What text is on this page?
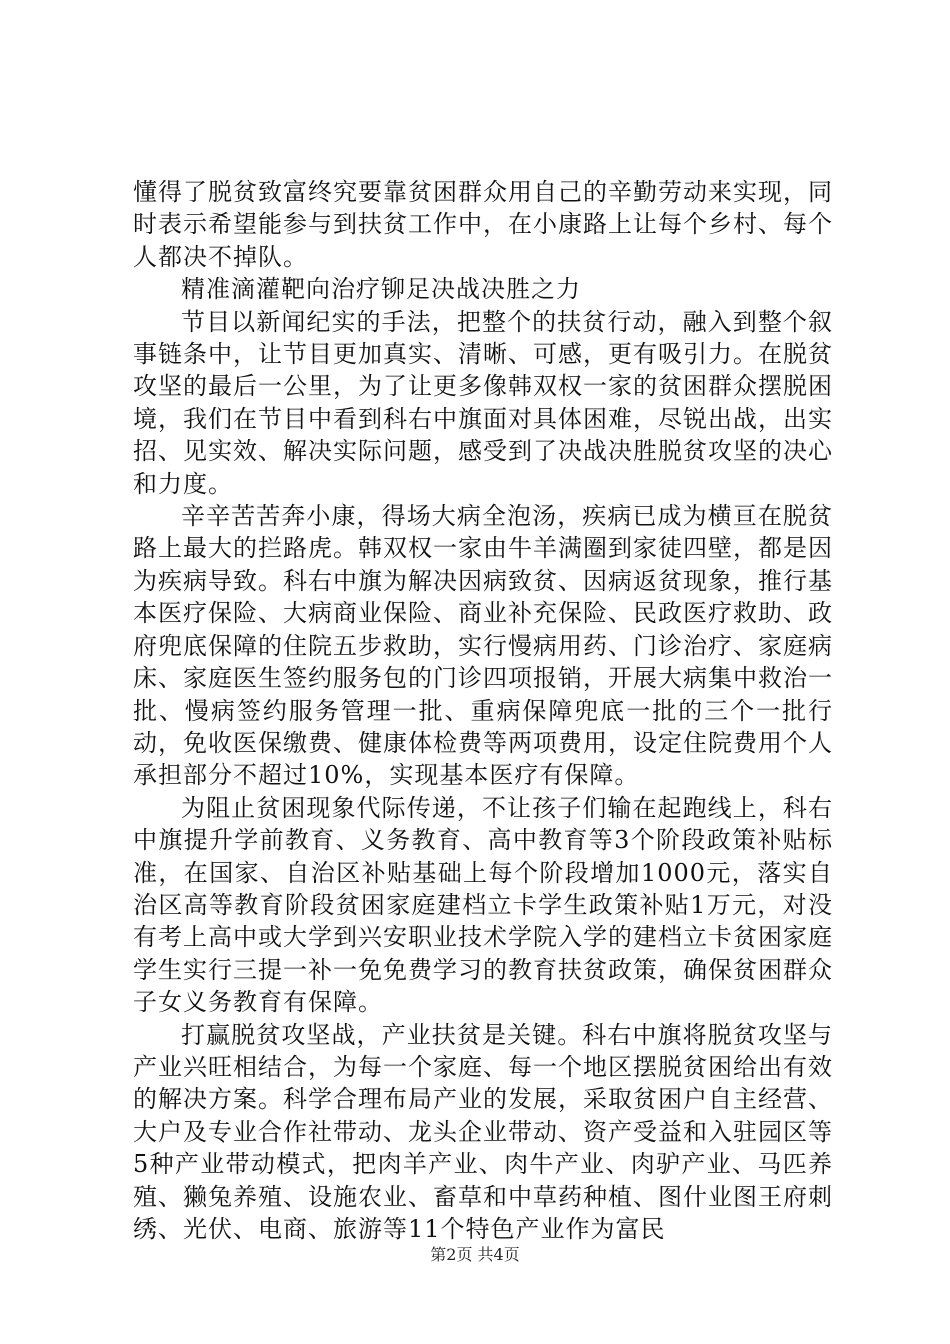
懂得了脱贫致富终究要靠贫困群众用自己的辛勤劳动来实现，同时表示希望能参与到扶贫工作中，在小康路上让每个乡村、每个人都决不掉队。

精准滴灌靶向治疗铆足决战决胜之力

节目以新闻纪实的手法，把整个的扶贫行动，融入到整个叙事链条中，让节目更加真实、清晰、可感，更有吸引力。在脱贫攻坚的最后一公里，为了让更多像韩双权一家的贫困群众摆脱困境，我们在节目中看到科右中旗面对具体困难，尽锐出战，出实招、见实效、解决实际问题，感受到了决战决胜脱贫攻坚的决心和力度。

辛辛苦苦奔小康，得场大病全泡汤，疾病已成为横亘在脱贫路上最大的拦路虎。韩双权一家由牛羊满圈到家徒四壁，都是因为疾病导致。科右中旗为解决因病致贫、因病返贫现象，推行基本医疗保险、大病商业保险、商业补充保险、民政医疗救助、政府兜底保障的住院五步救助，实行慢病用药、门诊治疗、家庭病床、家庭医生签约服务包的门诊四项报销，开展大病集中救治一批、慢病签约服务管理一批、重病保障兜底一批的三个一批行动，免收医保缴费、健康体检费等两项费用，设定住院费用个人承担部分不超过10%，实现基本医疗有保障。

为阻止贫困现象代际传递，不让孩子们输在起跑线上，科右中旗提升学前教育、义务教育、高中教育等3个阶段政策补贴标准，在国家、自治区补贴基础上每个阶段增加1000元，落实自治区高等教育阶段贫困家庭建档立卡学生政策补贴1万元，对没有考上高中或大学到兴安职业技术学院入学的建档立卡贫困家庭学生实行三提一补一免免费学习的教育扶贫政策，确保贫困群众子女义务教育有保障。

打赢脱贫攻坚战，产业扶贫是关键。科右中旗将脱贫攻坚与产业兴旺相结合，为每一个家庭、每一个地区摆脱贫困给出有效的解决方案。科学合理布局产业的发展，采取贫困户自主经营、大户及专业合作社带动、龙头企业带动、资产受益和入驻园区等5种产业带动模式，把肉羊产业、肉牛产业、肉驴产业、马匹养殖、獭兔养殖、设施农业、畜草和中草药种植、图什业图王府刺绣、光伏、电商、旅游等11个特色产业作为富民

第2页 共4页
